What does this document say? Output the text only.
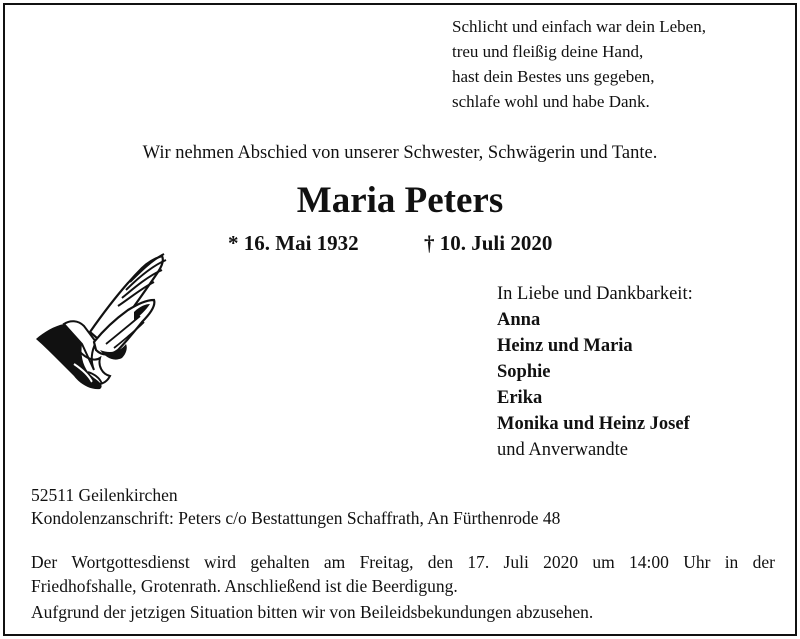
Schlicht und einfach war dein Leben,
treu und fleißig deine Hand,
hast dein Bestes uns gegeben,
schlafe wohl und habe Dank.
Wir nehmen Abschied von unserer Schwester, Schwägerin und Tante.
Maria Peters
* 16. Mai 1932	† 10. Juli 2020
In Liebe und Dankbarkeit:
Anna
Heinz und Maria
Sophie
Erika
Monika und Heinz Josef
und Anverwandte
52511 Geilenkirchen
Kondolenzanschrift: Peters c/o Bestattungen Schaffrath, An Fürthenrode 48
Der Wortgottesdienst wird gehalten am Freitag, den 17. Juli 2020 um 14:00 Uhr in der
Friedhofshalle, Grotenrath. Anschließend ist die Beerdigung.
Aufgrund der jetzigen Situation bitten wir von Beileidsbekundungen abzusehen.
